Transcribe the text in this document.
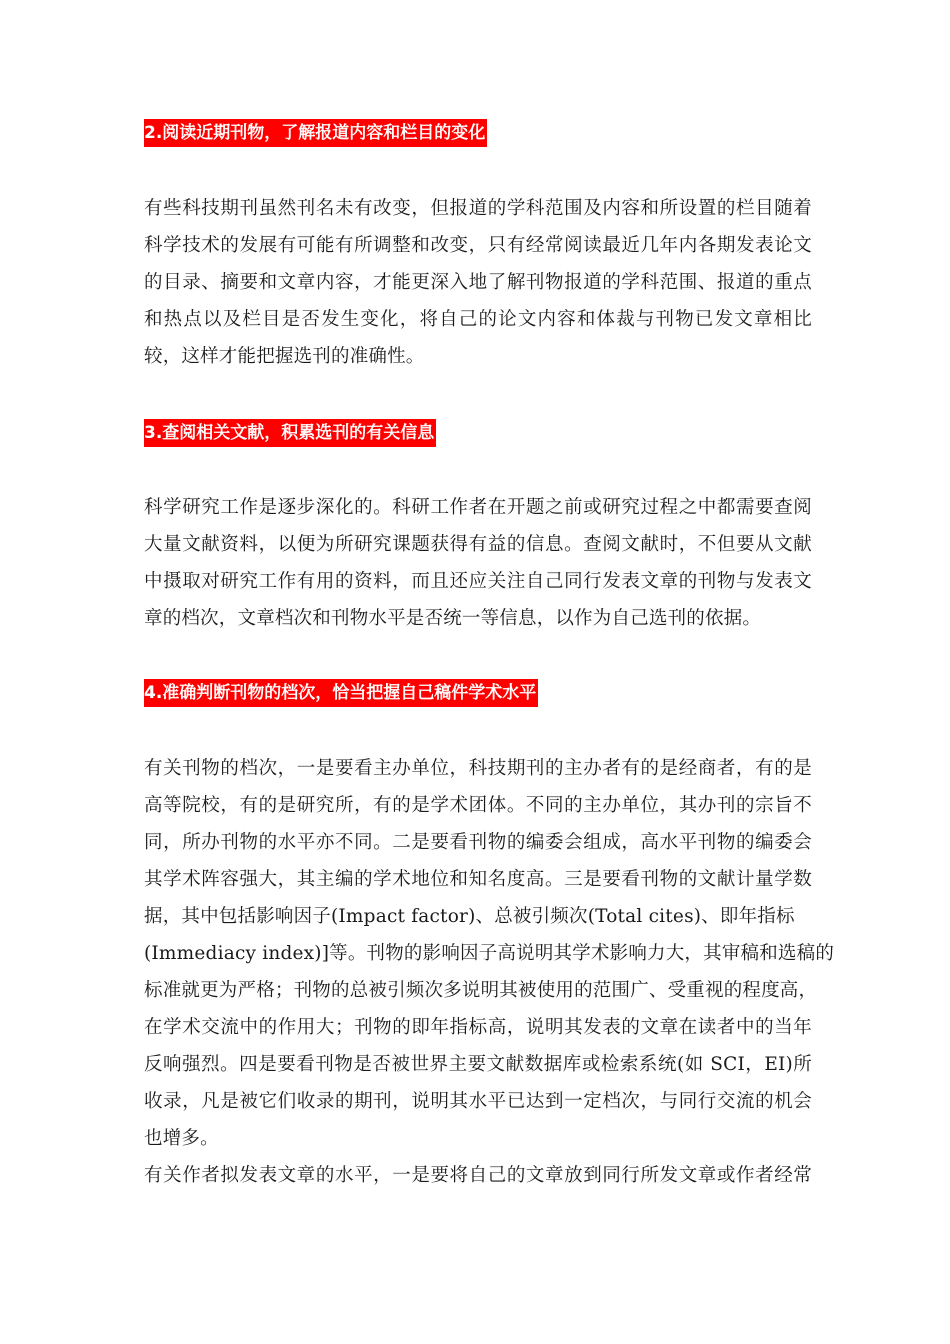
2.阅读近期刊物，了解报道内容和栏目的变化
有些科技期刊虽然刊名未有改变，但报道的学科范围及内容和所设置的栏目随着
科学技术的发展有可能有所调整和改变，只有经常阅读最近几年内各期发表论文
的目录、摘要和文章内容，才能更深入地了解刊物报道的学科范围、报道的重点
和热点以及栏目是否发生变化，将自己的论文内容和体裁与刊物已发文章相比
较，这样才能把握选刊的准确性。
3.查阅相关文献，积累选刊的有关信息
科学研究工作是逐步深化的。科研工作者在开题之前或研究过程之中都需要查阅
大量文献资料，以便为所研究课题获得有益的信息。查阅文献时，不但要从文献
中摄取对研究工作有用的资料，而且还应关注自己同行发表文章的刊物与发表文
章的档次，文章档次和刊物水平是否统一等信息，以作为自己选刊的依据。
4.准确判断刊物的档次，恰当把握自己稿件学术水平
有关刊物的档次，一是要看主办单位，科技期刊的主办者有的是经商者，有的是
高等院校，有的是研究所，有的是学术团体。不同的主办单位，其办刊的宗旨不
同，所办刊物的水平亦不同。二是要看刊物的编委会组成，高水平刊物的编委会
其学术阵容强大，其主编的学术地位和知名度高。三是要看刊物的文献计量学数
据，其中包括影响因子(Impact factor)、总被引频次(Total cites)、即年指标
(Immediacy index)]等。刊物的影响因子高说明其学术影响力大，其审稿和选稿的
标准就更为严格；刊物的总被引频次多说明其被使用的范围广、受重视的程度高，
在学术交流中的作用大；刊物的即年指标高，说明其发表的文章在读者中的当年
反响强烈。四是要看刊物是否被世界主要文献数据库或检索系统(如 SCI，EI)所
收录，凡是被它们收录的期刊，说明其水平已达到一定档次，与同行交流的机会
也增多。
有关作者拟发表文章的水平，一是要将自己的文章放到同行所发文章或作者经常
